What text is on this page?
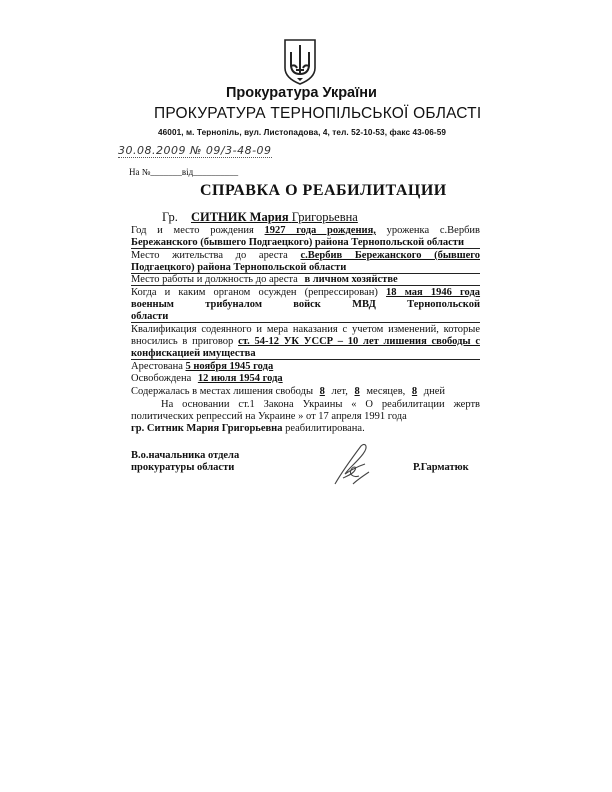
Прокуратура України
ПРОКУРАТУРА ТЕРНОПІЛЬСЬКОЇ ОБЛАСТІ
46001, м. Тернопіль, вул. Листопадова, 4, тел. 52-10-53, факс 43-06-59
30.08.2009 № 09/3-48-09
На №_______від__________
СПРАВКА О РЕАБИЛИТАЦИИ
Гр. СИТНИК Мария Григорьевна
Год и место рождения 1927 года рождения, уроженка с.Вербив
Бережанского (бывшего Подгаецкого) района Тернопольской области
Место жительства до ареста с.Вербив Бережанского (бывшего
Подгаецкого) района Тернопольской области
Место работы и должность до ареста в личном хозяйстве
Когда и каким органом осужден (репрессирован) 18 мая 1946 года
военным трибуналом войск МВД Тернопольской
области
Квалификация содеянного и мера наказания с учетом изменений, которые
вносились в приговор ст. 54-12 УК УССР – 10 лет лишения свободы с
конфискацией имущества
Арестована 5 ноября 1945 года
Освобождена 12 июля 1954 года
Содержалась в местах лишения свободы 8 лет, 8 месяцев, 8 дней
На основании ст.1 Закона Украины « О реабилитации жертв
политических репрессий на Украине » от 17 апреля 1991 года
гр. Ситник Мария Григорьевна реабилитирована.
В.о.начальника отдела
прокуратуры области	Р.Гарматюк
